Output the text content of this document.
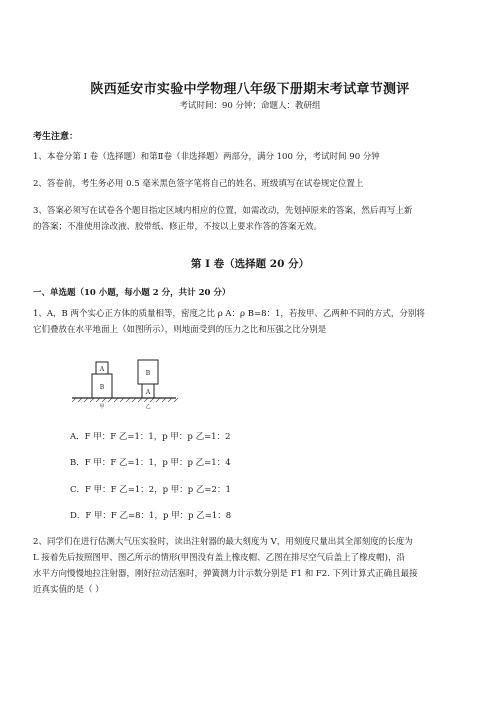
陕西延安市实验中学物理八年级下册期末考试章节测评
考试时间：90 分钟；命题人：教研组
考生注意：
1、本卷分第 I 卷（选择题）和第Ⅱ卷（非选择题）两部分，满分 100 分，考试时间 90 分钟
2、答卷前，考生务必用 0.5 毫米黑色签字笔将自己的姓名、班级填写在试卷规定位置上
3、答案必须写在试卷各个题目指定区域内相应的位置，如需改动，先划掉原来的答案，然后再写上新
的答案；不准使用涂改液、胶带纸、修正带，不按以上要求作答的答案无效。
第 I 卷（选择题 20 分）
一、单选题（10 小题，每小题 2 分，共计 20 分）
1、A，B 两个实心正方体的质量相等，密度之比 ρ A：ρ B=8：1，若按甲、乙两种不同的方式，分别将
它们叠放在水平地面上（如图所示），则地面受到的压力之比和压强之比分别是
A
B
甲
B
A
乙
A．F 甲：F 乙=1：1，p 甲：p 乙=1：2
B．F 甲：F 乙=1：1，p 甲：p 乙=1：4
C．F 甲：F 乙=1：2，p 甲：p 乙=2：1
D．F 甲：F 乙=8：1，p 甲：p 乙=1：8
2、同学们在进行估测大气压实验时，读出注射器的最大刻度为 V，用刻度尺量出其全部刻度的长度为
L 接着先后按照图甲、图乙所示的情形(甲图没有盖上橡皮帽、乙图在排尽空气后盖上了橡皮帽)，沿
水平方向慢慢地拉注射器，刚好拉动活塞时，弹簧测力计示数分别是 F1 和 F2. 下列计算式正确且最接
近真实值的是（ ）
